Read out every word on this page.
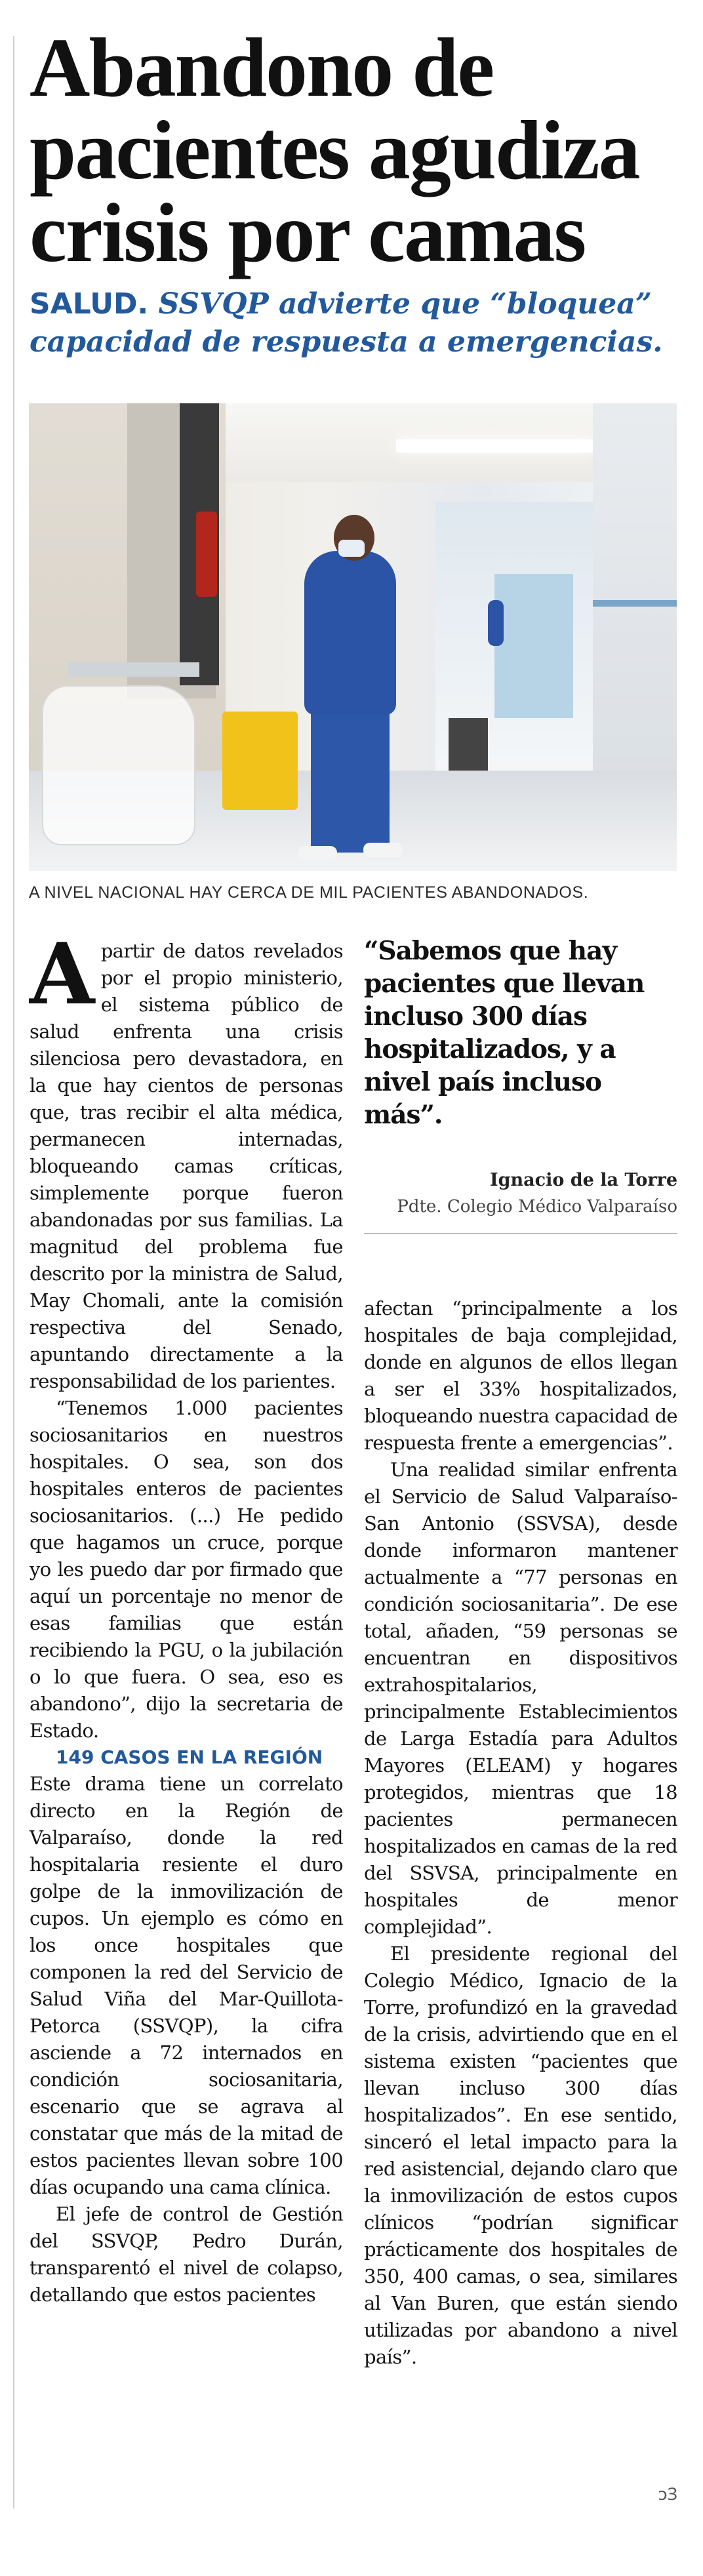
Abandono de pacientes agudiza crisis por camas

SALUD. SSVQP advierte que “bloquea” capacidad de respuesta a emergencias.

A NIVEL NACIONAL HAY CERCA DE MIL PACIENTES ABANDONADOS.

Apartir de datos revelados por el propio ministerio, el sistema público de salud enfrenta una crisis silenciosa pero devastadora, en la que hay cientos de personas que, tras recibir el alta médica, permanecen internadas, bloqueando camas críticas, simplemente porque fueron abandonadas por sus familias. La magnitud del problema fue descrito por la ministra de Salud, May Chomali, ante la comisión respectiva del Senado, apuntando directamente a la responsabilidad de los parientes.

“Tenemos 1.000 pacientes sociosanitarios en nuestros hospitales. O sea, son dos hospitales enteros de pacientes sociosanitarios. (...) He pedido que hagamos un cruce, porque yo les puedo dar por firmado que aquí un porcentaje no menor de esas familias que están recibiendo la PGU, o la jubilación o lo que fuera. O sea, eso es abandono”, dijo la secretaria de Estado.

149 CASOS EN LA REGIÓN

Este drama tiene un correlato directo en la Región de Valparaíso, donde la red hospitalaria resiente el duro golpe de la inmovilización de cupos. Un ejemplo es cómo en los once hospitales que componen la red del Servicio de Salud Viña del Mar-Quillota-Petorca (SSVQP), la cifra asciende a 72 internados en condición sociosanitaria, escenario que se agrava al constatar que más de la mitad de estos pacientes llevan sobre 100 días ocupando una cama clínica.

El jefe de control de Gestión del SSVQP, Pedro Durán, transparentó el nivel de colapso, detallando que estos pacientes

“Sabemos que hay pacientes que llevan incluso 300 días hospitalizados, y a nivel país incluso más”.

Ignacio de la Torre

Pdte. Colegio Médico Valparaíso

afectan “principalmente a los hospitales de baja complejidad, donde en algunos de ellos llegan a ser el 33% hospitalizados, bloqueando nuestra capacidad de respuesta frente a emergencias”.

Una realidad similar enfrenta el Servicio de Salud Valparaíso-San Antonio (SSVSA), desde donde informaron mantener actualmente a “77 personas en condición sociosanitaria”. De ese total, añaden, “59 personas se encuentran en dispositivos extrahospitalarios, principalmente Establecimientos de Larga Estadía para Adultos Mayores (ELEAM) y hogares protegidos, mientras que 18 pacientes permanecen hospitalizados en camas de la red del SSVSA, principalmente en hospitales de menor complejidad”.

El presidente regional del Colegio Médico, Ignacio de la Torre, profundizó en la gravedad de la crisis, advirtiendo que en el sistema existen “pacientes que llevan incluso 300 días hospitalizados”. En ese sentido, sinceró el letal impacto para la red asistencial, dejando claro que la inmovilización de estos cupos clínicos “podrían significar prácticamente dos hospitales de 350, 400 camas, o sea, similares al Van Buren, que están siendo utilizadas por abandono a nivel país”.

ↄꞫ
